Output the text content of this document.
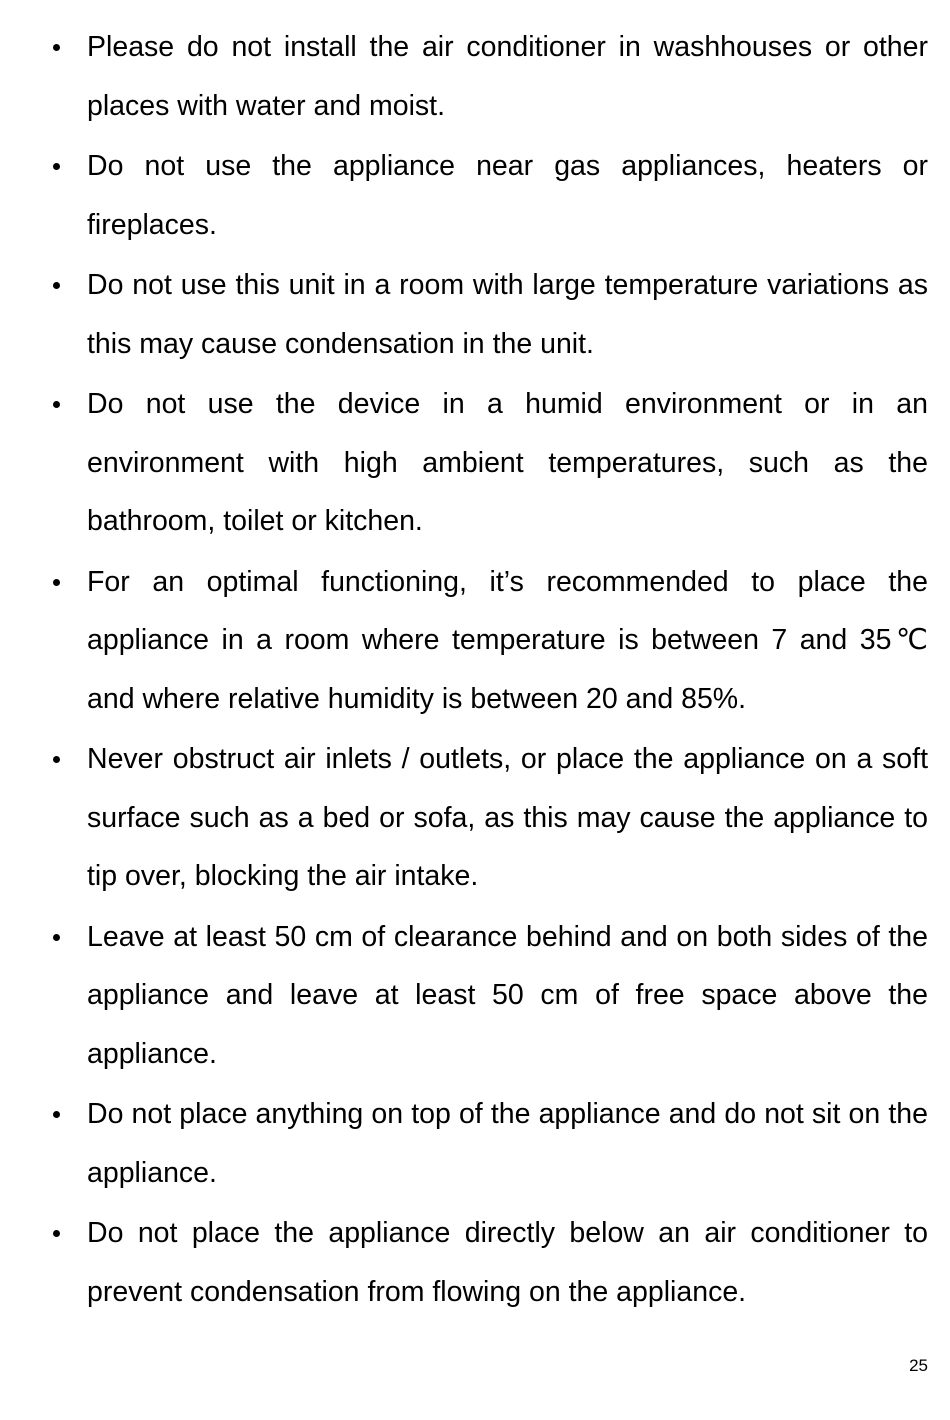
Please do not install the air conditioner in washhouses or other places with water and moist.
Do not use the appliance near gas appliances, heaters or fireplaces.
Do not use this unit in a room with large temperature variations as this may cause condensation in the unit.
Do not use the device in a humid environment or in an environment with high ambient temperatures, such as the bathroom, toilet or kitchen.
For an optimal functioning, it’s recommended to place the appliance in a room where temperature is between 7 and 35℃ and where relative humidity is between 20 and 85%.
Never obstruct air inlets / outlets, or place the appliance on a soft surface such as a bed or sofa, as this may cause the appliance to tip over, blocking the air intake.
Leave at least 50 cm of clearance behind and on both sides of the appliance and leave at least 50 cm of free space above the appliance.
Do not place anything on top of the appliance and do not sit on the appliance.
Do not place the appliance directly below an air conditioner to prevent condensation from flowing on the appliance.
25
